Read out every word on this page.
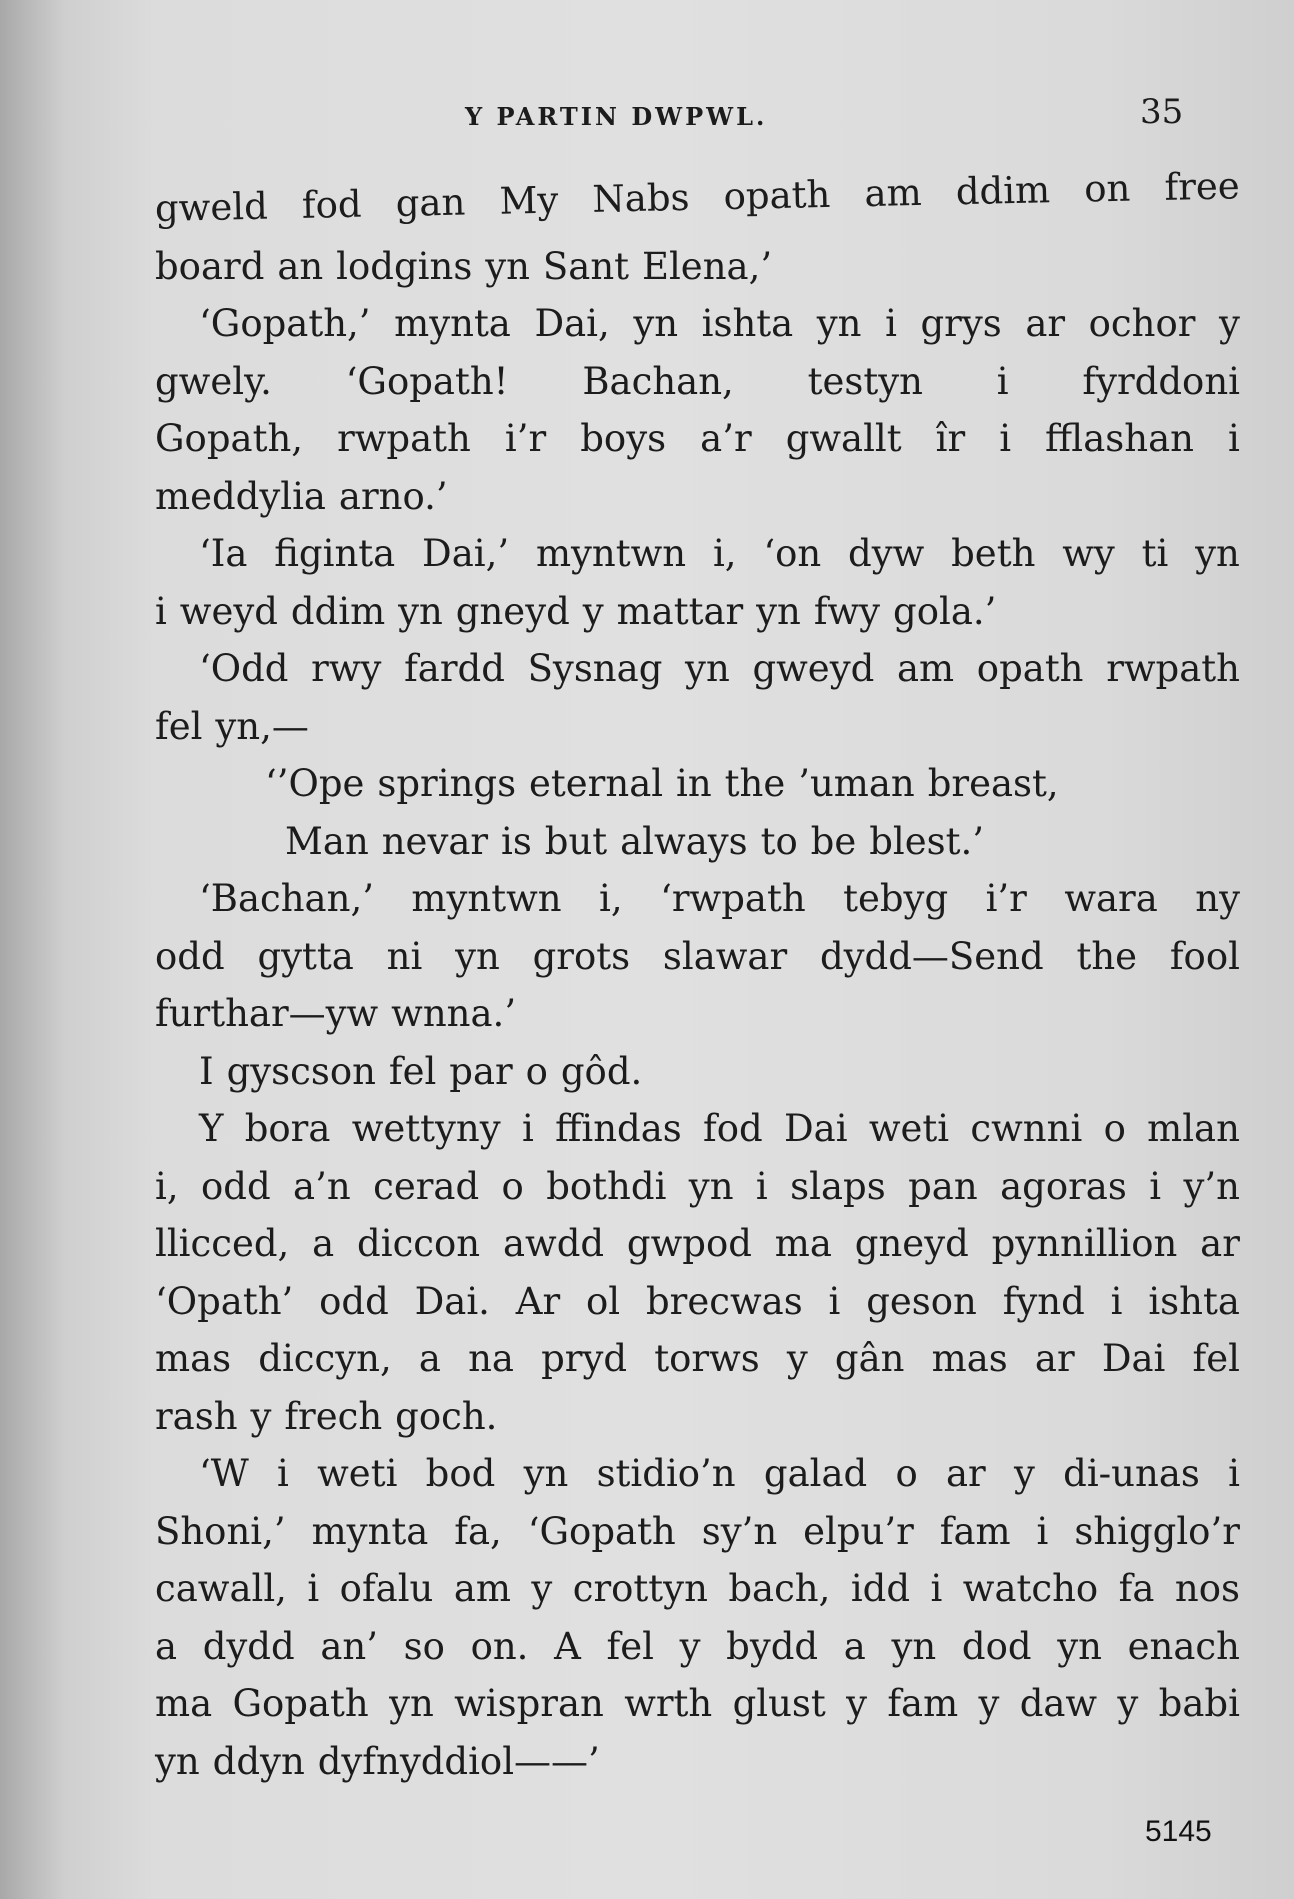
Y PARTIN DWPWL.	35
gweld fod gan My Nabs opath am ddim on free
board an lodgins yn Sant Elena,’
‘Gopath,’ mynta Dai, yn ishta yn i grys ar ochor y
gwely. ‘Gopath! Bachan, testyn i fyrddoni
Gopath, rwpath i’r boys a’r gwallt îr i fflashan i
meddylia arno.’
‘Ia figinta Dai,’ myntwn i, ‘on dyw beth wy ti yn
i weyd ddim yn gneyd y mattar yn fwy gola.’
‘Odd rwy fardd Sysnag yn gweyd am opath rwpath
fel yn,—
‘’Ope springs eternal in the ’uman breast,
Man nevar is but always to be blest.’
‘Bachan,’ myntwn i, ‘rwpath tebyg i’r wara ny
odd gytta ni yn grots slawar dydd—Send the fool
furthar—yw wnna.’
I gyscson fel par o gôd.
Y bora wettyny i ffindas fod Dai weti cwnni o mlan
i, odd a’n cerad o bothdi yn i slaps pan agoras i y’n
llicced, a diccon awdd gwpod ma gneyd pynnillion ar
‘Opath’ odd Dai. Ar ol brecwas i geson fynd i ishta
mas diccyn, a na pryd torws y gân mas ar Dai fel
rash y frech goch.
‘W i weti bod yn stidio’n galad o ar y di-unas i
Shoni,’ mynta fa, ‘Gopath sy’n elpu’r fam i shigglo’r
cawall, i ofalu am y crottyn bach, idd i watcho fa nos
a dydd an’ so on. A fel y bydd a yn dod yn enach
ma Gopath yn wispran wrth glust y fam y daw y babi
yn ddyn dyfnyddiol——’
5145
